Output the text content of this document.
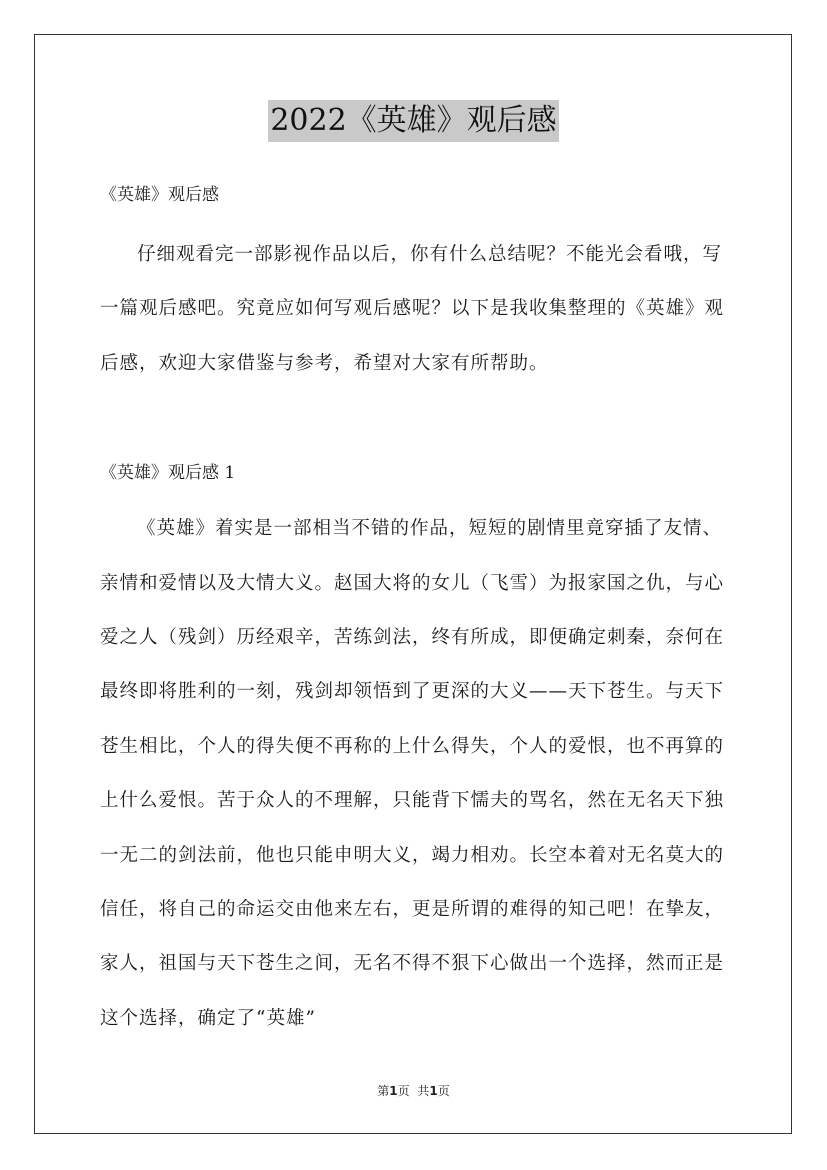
2022《英雄》观后感
《英雄》观后感

仔细观看完一部影视作品以后，你有什么总结呢？不能光会看哦，写一篇观后感吧。究竟应如何写观后感呢？以下是我收集整理的《英雄》观后感，欢迎大家借鉴与参考，希望对大家有所帮助。

《英雄》观后感 1

《英雄》着实是一部相当不错的作品，短短的剧情里竟穿插了友情、亲情和爱情以及大情大义。赵国大将的女儿（飞雪）为报家国之仇，与心爱之人（残剑）历经艰辛，苦练剑法，终有所成，即便确定刺秦，奈何在最终即将胜利的一刻，残剑却领悟到了更深的大义——天下苍生。与天下苍生相比，个人的得失便不再称的上什么得失，个人的爱恨，也不再算的上什么爱恨。苦于众人的不理解，只能背下懦夫的骂名，然在无名天下独一无二的剑法前，他也只能申明大义，竭力相劝。长空本着对无名莫大的信任，将自己的命运交由他来左右，更是所谓的难得的知己吧！在挚友，家人，祖国与天下苍生之间，无名不得不狠下心做出一个选择，然而正是这个选择，确定了“英雄”

第1页 共1页
